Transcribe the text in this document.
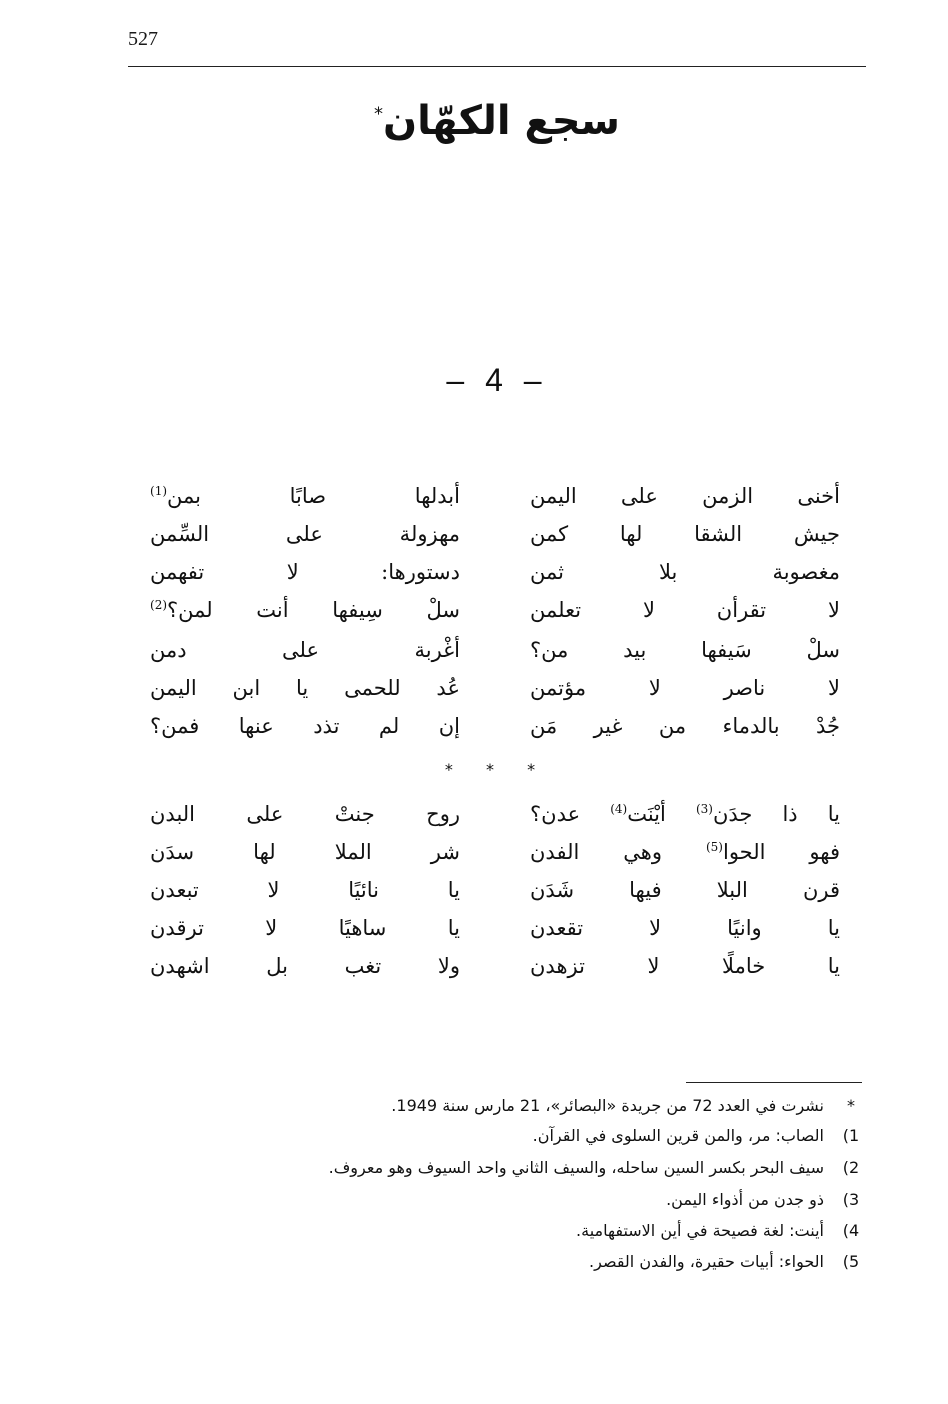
527
سجع الكهّان*
– 4 –
أخنى الزمن على اليمن
أبدلها صابًا بمن$^{(1)}$
جيش الشقا لها كمن
مهزولة على السِّمن
مغصوبة بلا ثمن
دستورها: لا تفهمن
لا تقرأن لا تعلمن
سلْ سِيفها أنت لمن؟$^{(2)}$
سلْ سَيفها بيد من؟
أغْربة على دمن
لا ناصر لا مؤتمن
عُد للحمى يا ابن اليمن
جُدْ بالدماء من غير مَن
إن لم تذد عنها فمن؟
* * *
يا ذا جدَن$^{(3)}$ أيْنَت$^{(4)}$ عدن؟
روح جنتْ على البدن
فهو الحوا$^{(5)}$ وهي الفدن
شر الملا لها سدَن
قرن البلا فيها شَدَن
يا نائيًا لا تبعدن
يا وانيًا لا تقعدن
يا ساهيًا لا ترقدن
يا خاملًا لا تزهدن
ولا تغب بل اشهدن
*
نشرت في العدد 72 من جريدة «البصائر»، 21 مارس سنة 1949.
1)
الصاب: مر، والمن قرين السلوى في القرآن.
2)
سيف البحر بكسر السين ساحله، والسيف الثاني واحد السيوف وهو معروف.
3)
ذو جدن من أذواء اليمن.
4)
أينت: لغة فصيحة في أين الاستفهامية.
5)
الحواء: أبيات حقيرة، والفدن القصر.
